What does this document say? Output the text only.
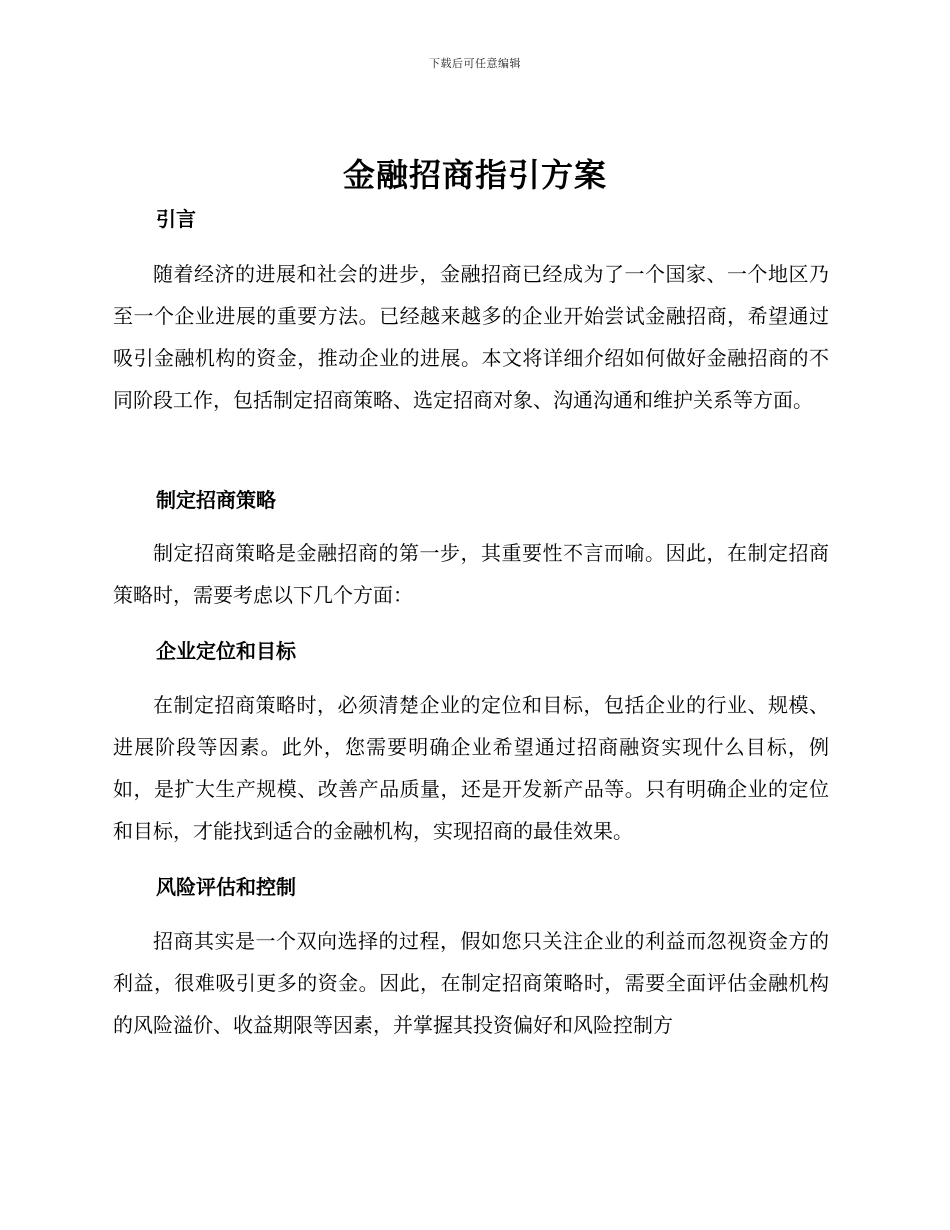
下载后可任意编辑
金融招商指引方案
引言

随着经济的进展和社会的进步，金融招商已经成为了一个国家、一个地区乃至一个企业进展的重要方法。已经越来越多的企业开始尝试金融招商，希望通过吸引金融机构的资金，推动企业的进展。本文将详细介绍如何做好金融招商的不同阶段工作，包括制定招商策略、选定招商对象、沟通沟通和维护关系等方面。

制定招商策略

制定招商策略是金融招商的第一步，其重要性不言而喻。因此，在制定招商策略时，需要考虑以下几个方面：

企业定位和目标

在制定招商策略时，必须清楚企业的定位和目标，包括企业的行业、规模、进展阶段等因素。此外，您需要明确企业希望通过招商融资实现什么目标，例如，是扩大生产规模、改善产品质量，还是开发新产品等。只有明确企业的定位和目标，才能找到适合的金融机构，实现招商的最佳效果。

风险评估和控制

招商其实是一个双向选择的过程，假如您只关注企业的利益而忽视资金方的利益，很难吸引更多的资金。因此，在制定招商策略时，需要全面评估金融机构的风险溢价、收益期限等因素，并掌握其投资偏好和风险控制方
